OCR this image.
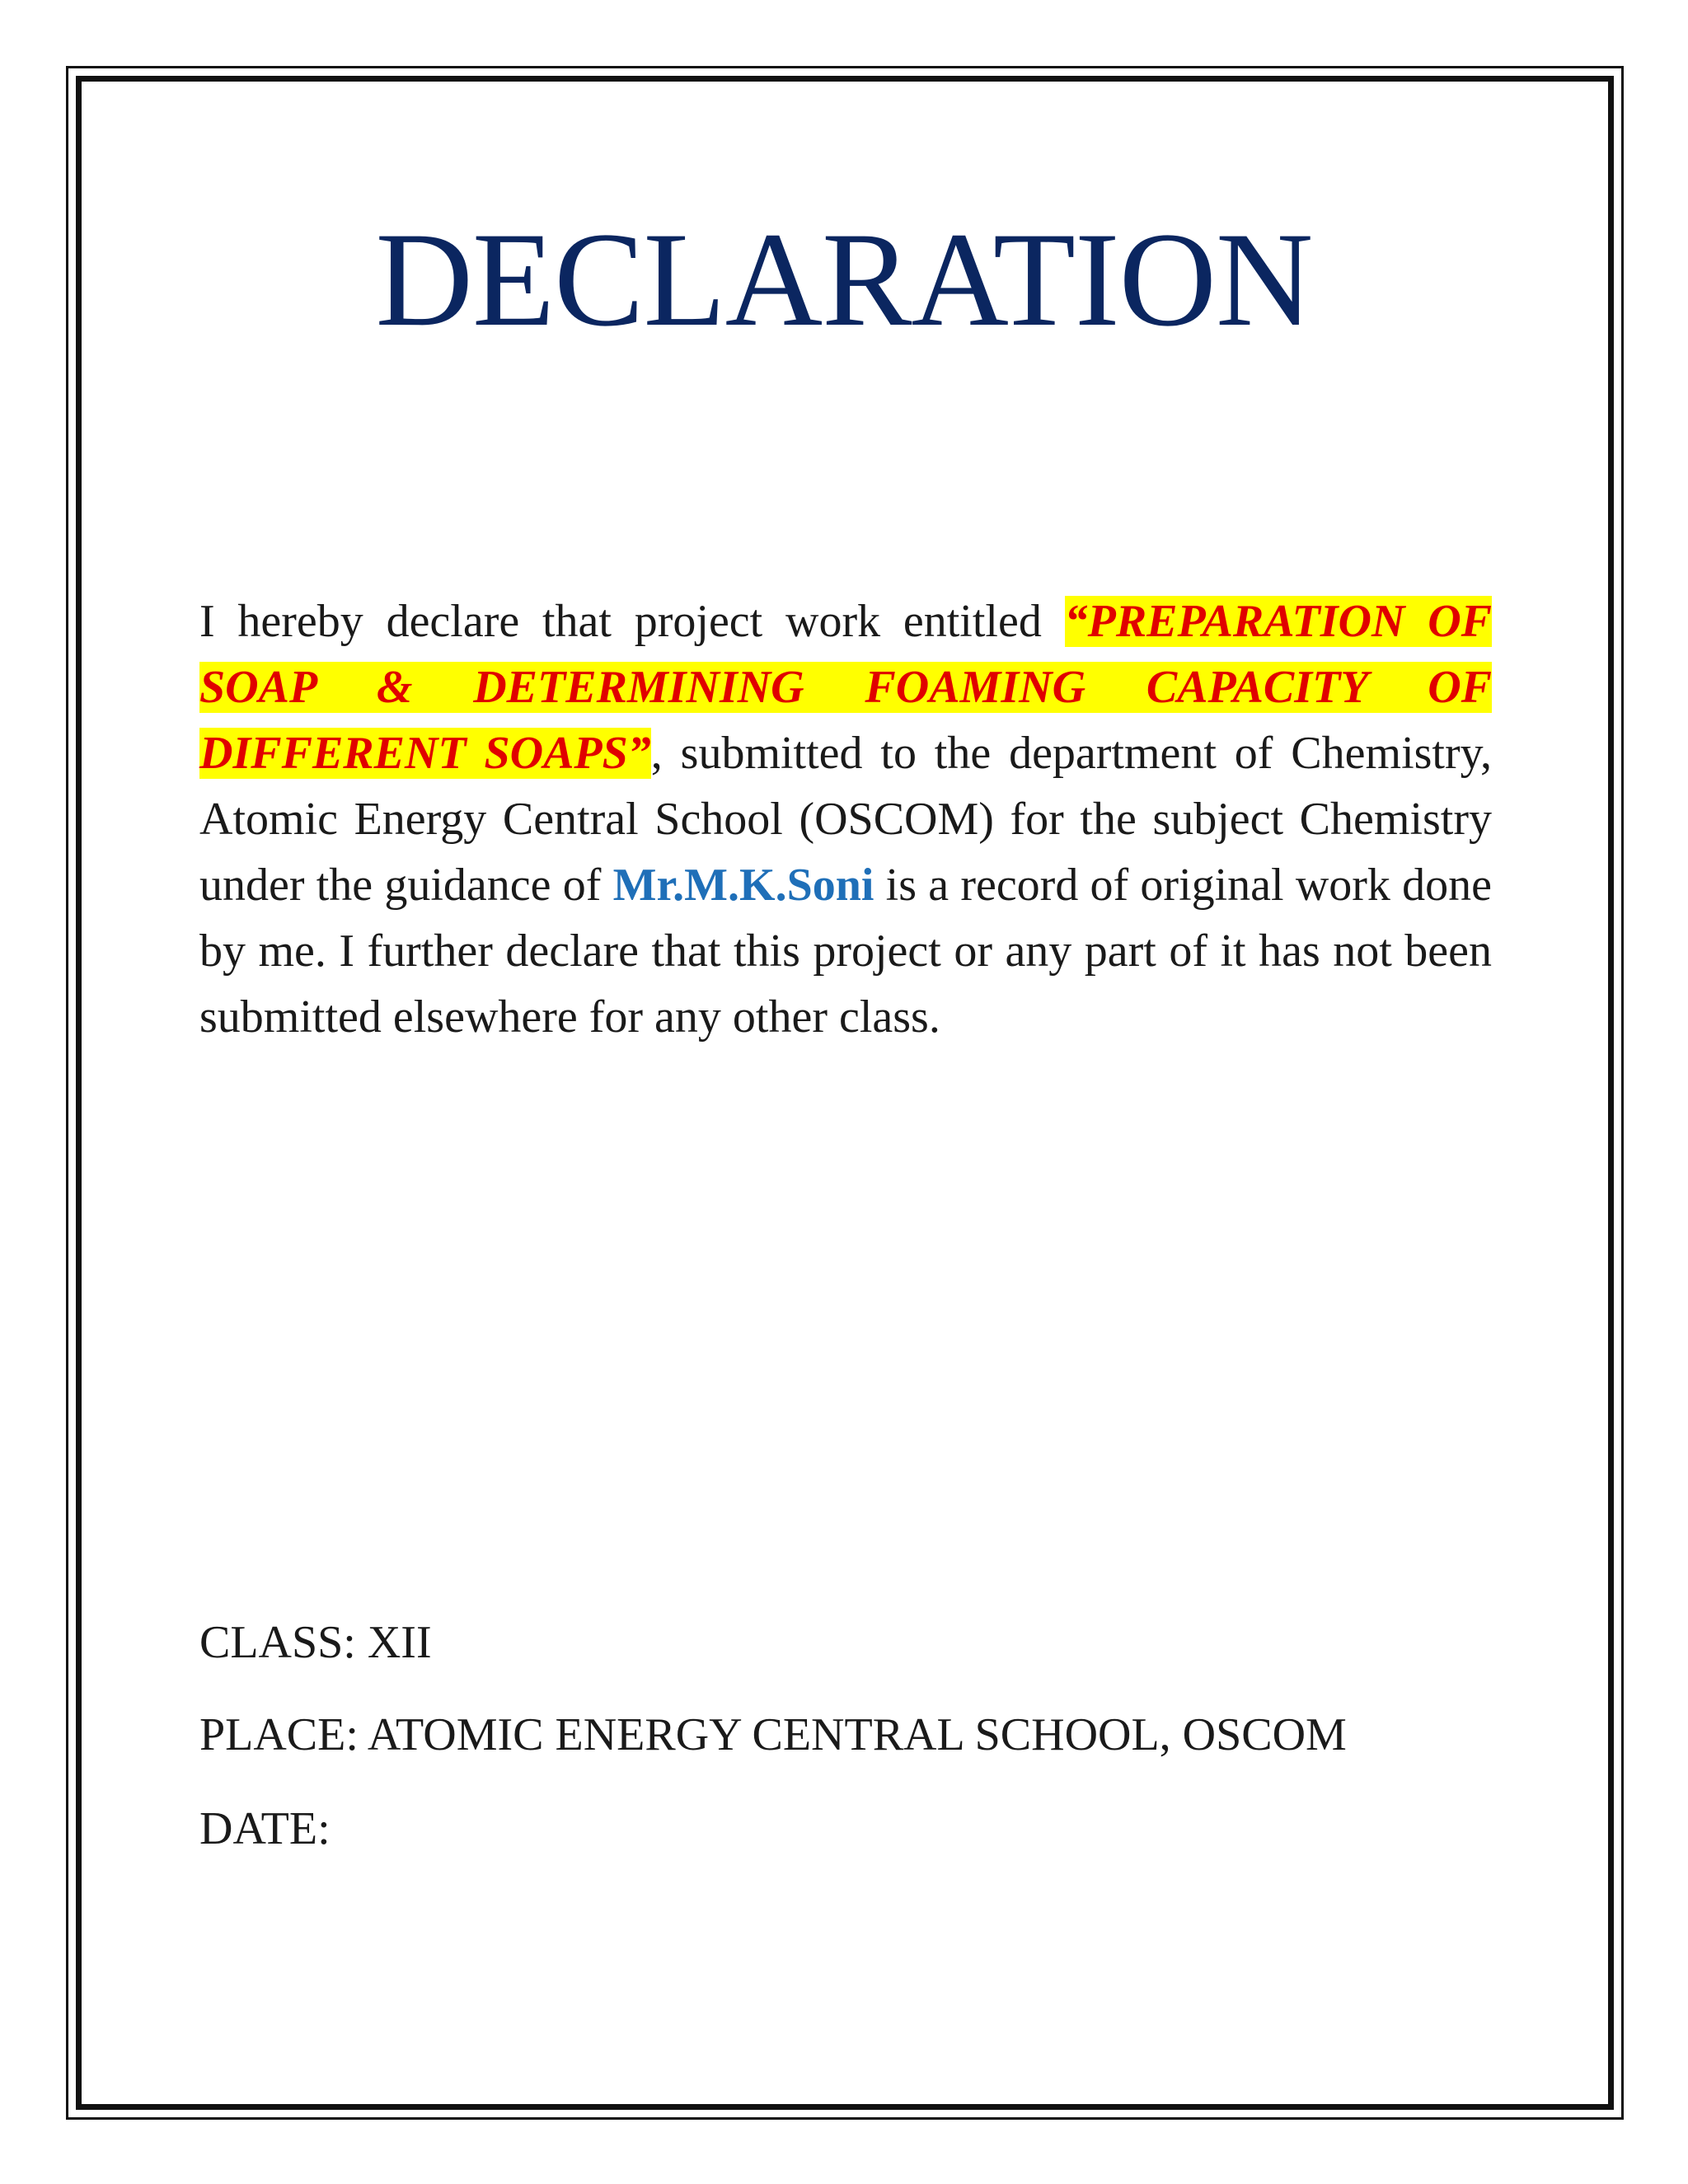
DECLARATION
I hereby declare that project work entitled “PREPARATION OF SOAP & DETERMINING FOAMING CAPACITY OF DIFFERENT SOAPS”, submitted to the department of Chemistry, Atomic Energy Central School (OSCOM) for the subject Chemistry under the guidance of Mr.M.K.Soni is a record of original work done by me. I further declare that this project or any part of it has not been submitted elsewhere for any other class.
CLASS: XII
PLACE: ATOMIC ENERGY CENTRAL SCHOOL, OSCOM
DATE:
